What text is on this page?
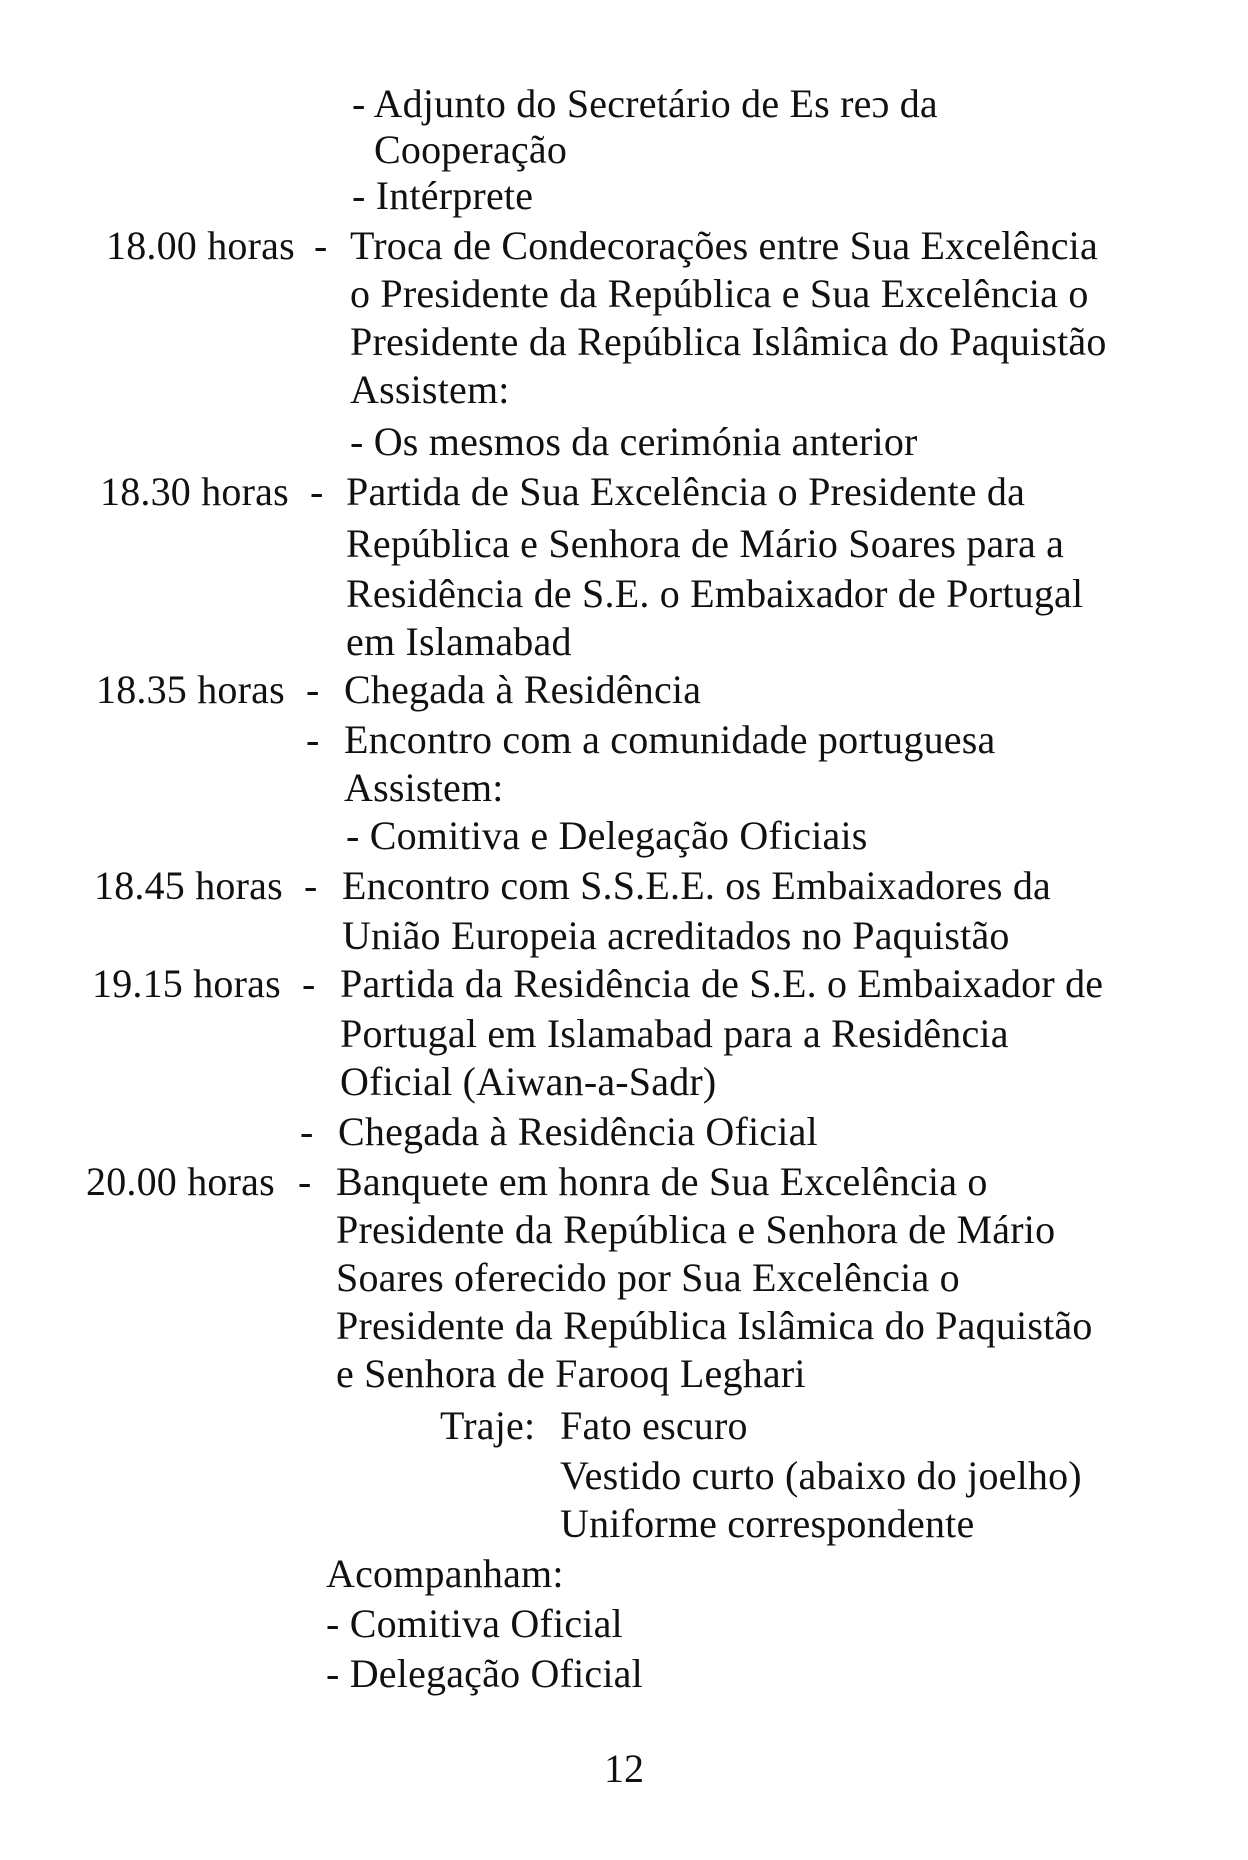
- Adjunto do Secretário de Es reɔ da
Cooperação
- Intérprete
18.00 horas - Troca de Condecorações entre Sua Excelência
o Presidente da República e Sua Excelência o
Presidente da República Islâmica do Paquistão
Assistem:
- Os mesmos da cerimónia anterior
18.30 horas - Partida de Sua Excelência o Presidente da
República e Senhora de Mário Soares para a
Residência de S.E. o Embaixador de Portugal
em Islamabad
18.35 horas - Chegada à Residência
- Encontro com a comunidade portuguesa
Assistem:
- Comitiva e Delegação Oficiais
18.45 horas - Encontro com S.S.E.E. os Embaixadores da
União Europeia acreditados no Paquistão
19.15 horas - Partida da Residência de S.E. o Embaixador de
Portugal em Islamabad para a Residência
Oficial (Aiwan-a-Sadr)
- Chegada à Residência Oficial
20.00 horas - Banquete em honra de Sua Excelência o
Presidente da República e Senhora de Mário
Soares oferecido por Sua Excelência o
Presidente da República Islâmica do Paquistão
e Senhora de Farooq Leghari
Traje: Fato escuro
Vestido curto (abaixo do joelho)
Uniforme correspondente
Acompanham:
- Comitiva Oficial
- Delegação Oficial
12
